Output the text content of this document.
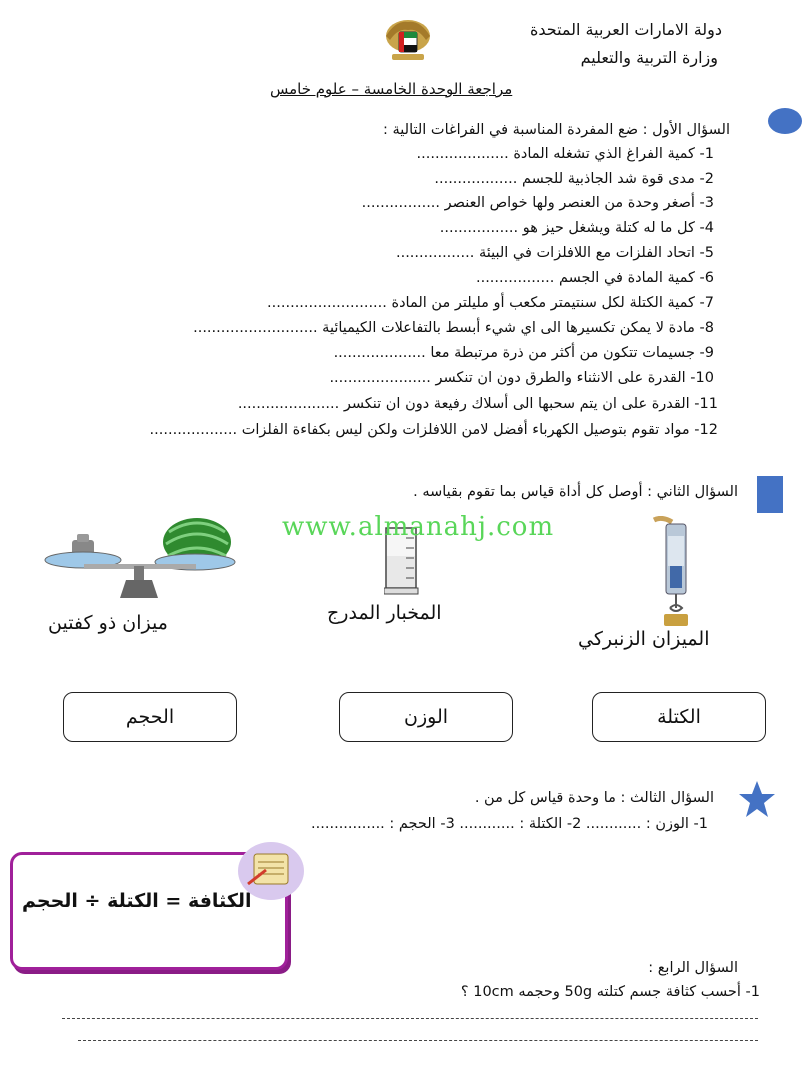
دولة الامارات العربية المتحدة
وزارة التربية والتعليم
مراجعة الوحدة الخامسة – علوم خامس
السؤال الأول : ضع المفردة المناسبة في الفراغات التالية :
1- كمية الفراغ الذي تشغله المادة ....................
2- مدى قوة شد الجاذبية للجسم ..................
3- أصغر وحدة من العنصر ولها خواص العنصر .................
4- كل ما له كتلة ويشغل حيز هو .................
5- اتحاد الفلزات مع اللافلزات في البيئة .................
6- كمية المادة في الجسم .................
7- كمية الكتلة لكل سنتيمتر مكعب أو مليلتر من المادة ..........................
8- مادة لا يمكن تكسيرها الى اي شيء أبسط بالتفاعلات الكيميائية ...........................
9- جسيمات تتكون من أكثر من ذرة مرتبطة معا ....................
10- القدرة على الانثناء والطرق دون ان تنكسر ......................
11- القدرة على ان يتم سحبها الى أسلاك رفيعة دون ان تنكسر ......................
12- مواد تقوم بتوصيل الكهرباء أفضل لامن اللافلزات ولكن ليس بكفاءة الفلزات ...................
السؤال الثاني : أوصل كل أداة قياس بما تقوم بقياسه .
ميزان ذو كفتين	المخبار المدرج
الميزان الزنبركي
www.almanahj.com
الكتلة
الوزن
الحجم
السؤال الثالث : ما وحدة قياس كل من .
1- الوزن : ............ 2- الكتلة : ............ 3- الحجم : ................
الكثافة = الكتلة ÷ الحجم
السؤال الرابع :
1- أحسب كثافة جسم كتلته 50g وحجمه 10cm ؟
